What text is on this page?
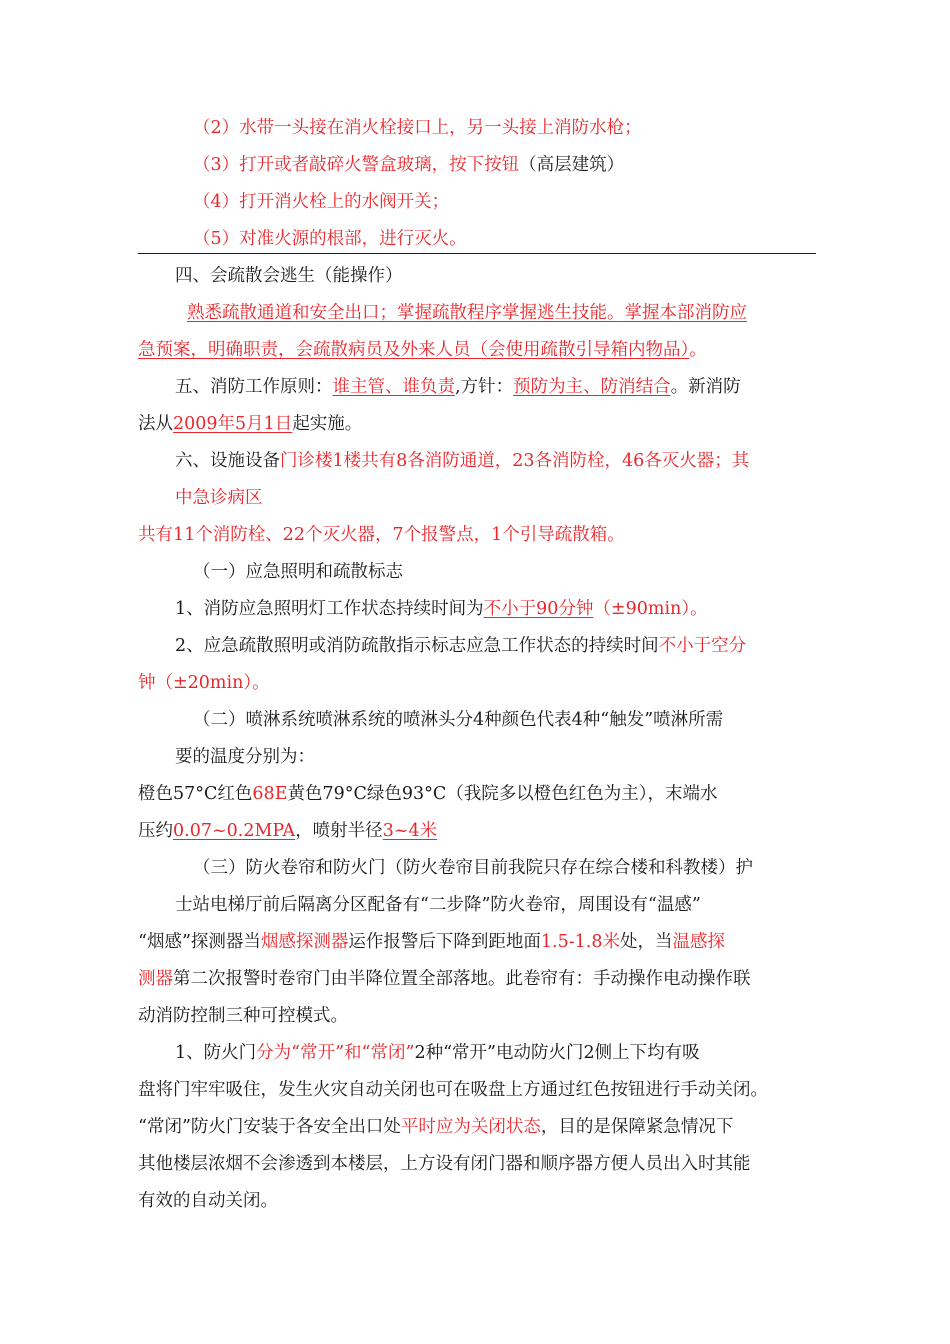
（2）水带一头接在消火栓接口上，另一头接上消防水枪；
（3）打开或者敲碎火警盒玻璃，按下按钮（高层建筑）
（4）打开消火栓上的水阀开关；
（5）对准火源的根部，进行灭火。
四、会疏散会逃生（能操作）
熟悉疏散通道和安全出口；掌握疏散程序掌握逃生技能。掌握本部消防应
急预案，明确职责，会疏散病员及外来人员（会使用疏散引导箱内物品）。
五、消防工作原则：谁主管、谁负责,方针：预防为主、防消结合。新消防
法从2009年5月1日起实施。
六、设施设备门诊楼1楼共有8各消防通道，23各消防栓，46各灭火器；其
中急诊病区
共有11个消防栓、22个灭火器，7个报警点，1个引导疏散箱。
（一）应急照明和疏散标志
1、消防应急照明灯工作状态持续时间为不小于90分钟（±90min）。
2、应急疏散照明或消防疏散指示标志应急工作状态的持续时间不小于空分
钟（±20min）。
（二）喷淋系统喷淋系统的喷淋头分4种颜色代表4种“触发”喷淋所需
要的温度分别为：
橙色57°C红色68E黄色79°C绿色93°C（我院多以橙色红色为主），末端水
压约0.07~0.2MPA，喷射半径3~4米
（三）防火卷帘和防火门（防火卷帘目前我院只存在综合楼和科教楼）护
士站电梯厅前后隔离分区配备有“二步降”防火卷帘，周围设有“温感”
“烟感”探测器当烟感探测器运作报警后下降到距地面1.5-1.8米处，当温感探
测器第二次报警时卷帘门由半降位置全部落地。此卷帘有：手动操作电动操作联
动消防控制三种可控模式。
1、防火门分为“常开”和“常闭”2种“常开”电动防火门2侧上下均有吸
盘将门牢牢吸住，发生火灾自动关闭也可在吸盘上方通过红色按钮进行手动关闭。
“常闭”防火门安装于各安全出口处平时应为关闭状态，目的是保障紧急情况下
其他楼层浓烟不会渗透到本楼层，上方设有闭门器和顺序器方便人员出入时其能
有效的自动关闭。
